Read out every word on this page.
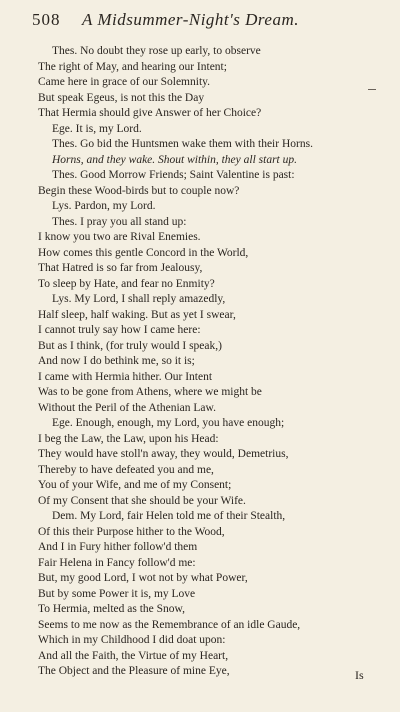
508 A Midsummer-Night's Dream.
Thes. No doubt they rose up early, to observe
The right of May, and hearing our Intent;
Came here in grace of our Solemnity.
But speak Egeus, is not this the Day
That Hermia should give Answer of her Choice?
Ege. It is, my Lord.
Thes. Go bid the Huntsmen wake them with their Horns.
Horns, and they wake. Shout within, they all start up.
Thes. Good Morrow Friends; Saint Valentine is past:
Begin these Wood-birds but to couple now?
Lys. Pardon, my Lord.
Thes. I pray you all stand up:
I know you two are Rival Enemies.
How comes this gentle Concord in the World,
That Hatred is so far from Jealousy,
To sleep by Hate, and fear no Enmity?
Lys. My Lord, I shall reply amazedly,
Half sleep, half waking. But as yet I swear,
I cannot truly say how I came here:
But as I think, (for truly would I speak,)
And now I do bethink me, so it is;
I came with Hermia hither. Our Intent
Was to be gone from Athens, where we might be
Without the Peril of the Athenian Law.
Ege. Enough, enough, my Lord, you have enough;
I beg the Law, the Law, upon his Head:
They would have stoll'n away, they would, Demetrius,
Thereby to have defeated you and me,
You of your Wife, and me of my Consent;
Of my Consent that she should be your Wife.
Dem. My Lord, fair Helen told me of their Stealth,
Of this their Purpose hither to the Wood,
And I in Fury hither follow'd them
Fair Helena in Fancy follow'd me:
But, my good Lord, I wot not by what Power,
But by some Power it is, my Love
To Hermia, melted as the Snow,
Seems to me now as the Remembrance of an idle Gaude,
Which in my Childhood I did doat upon:
And all the Faith, the Virtue of my Heart,
The Object and the Pleasure of mine Eye,	Is
